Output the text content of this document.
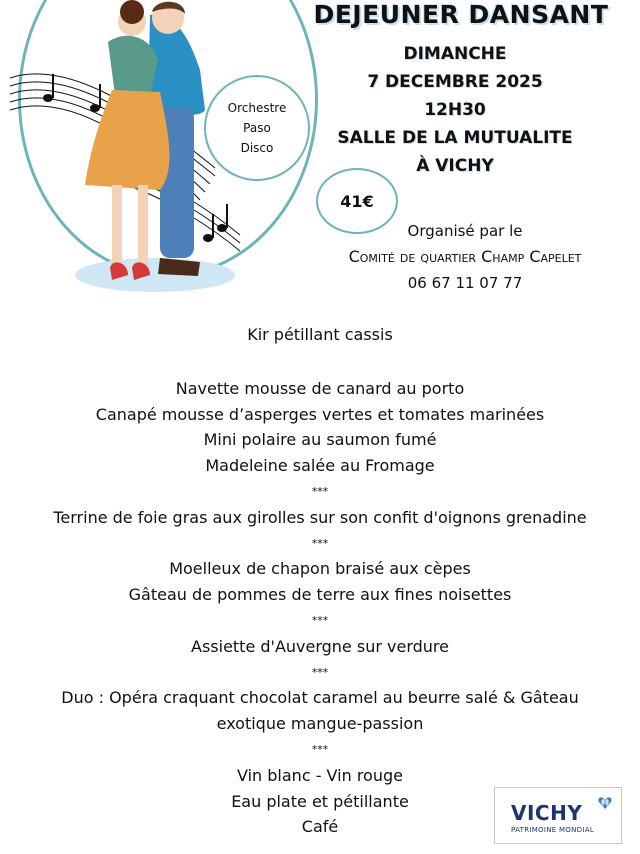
DEJEUNER DANSANT
DIMANCHE
7 DECEMBRE 2025
12H30
SALLE DE LA MUTUALITE
À VICHY
Orchestre
Paso
Disco
41€
Organisé par le
Comité de quartier Champ Capelet
06 67 11 07 77
Kir pétillant cassis
Navette mousse de canard au porto
Canapé mousse d’asperges vertes et tomates marinées
Mini polaire au saumon fumé
Madeleine salée au Fromage
***
Terrine de foie gras aux girolles sur son confit d'oignons grenadine
***
Moelleux de chapon braisé aux cèpes
Gâteau de pommes de terre aux fines noisettes
***
Assiette d'Auvergne sur verdure
***
Duo : Opéra craquant chocolat caramel au beurre salé & Gâteau
exotique mangue-passion
***
Vin blanc - Vin rouge
Eau plate et pétillante
Café
VICHY
PATRIMOINE MONDIAL
